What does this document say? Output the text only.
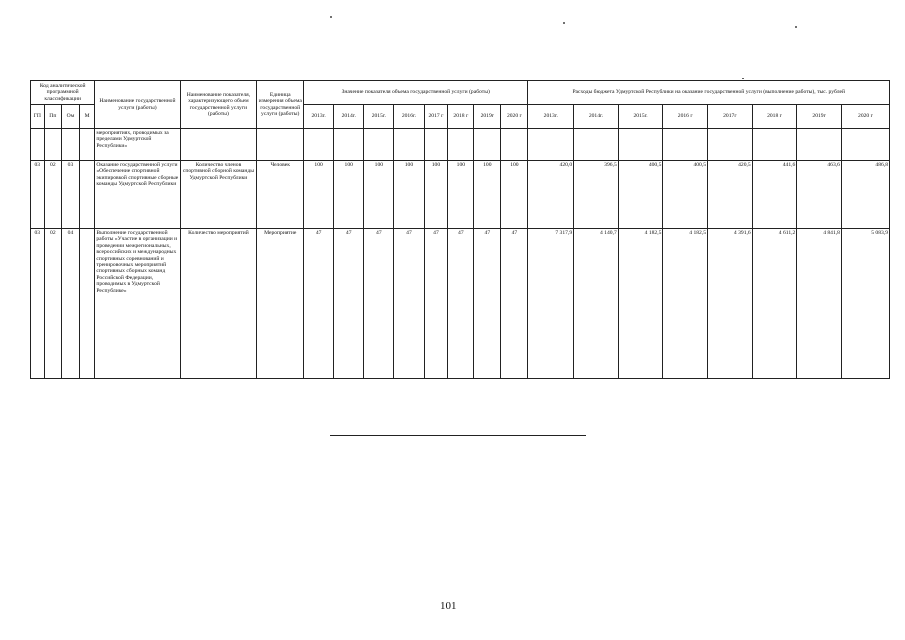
Код аналитической программной классификации				Наименование государственной услуги (работы)	Наименование показателя, характеризующего объем государственной услуги (работы)	Единица измерения объема государственной услуги (работы)	Значение показателя объема государственной услуги (работы)								Расходы бюджета Удмуртской Республики на оказание государственной услуги (выполнение работы), тыс. рублей							
ГП	Пп	Ом	М				2013г.	2014г.	2015г.	2016г.	2017 г	2018 г	2019г	2020 г	2013г.	2014г.	2015г.	2016 г	2017г	2018 г	2019г	2020 г
				мероприятиях, проводимых за пределами Удмуртской Республики»																		
03	02	03		Оказание государственной услуги «Обеспечение спортивной экипировкой спортивные сборные команды Удмуртской Республики	Количество членов спортивной сборной команды Удмуртской Республики	Человек	100	100	100	100	100	100	100	100	420,0	396,5	400,5	400,5	420,5	441,6	463,6	486,8
03	02	04		Выполнение государственной работы «Участие в организации и проведении межрегиональных, всероссийских и международных спортивных соревнований и тренировочных мероприятий спортивных сборных команд Российской Федерации, проводимых в Удмуртской Республике»	Количество мероприятий	Мероприятие	47	47	47	47	47	47	47	47	7 317,9	4 140,7	4 182,5	4 182,5	4 391,6	4 611,2	4 841,8	5 083,9
101
